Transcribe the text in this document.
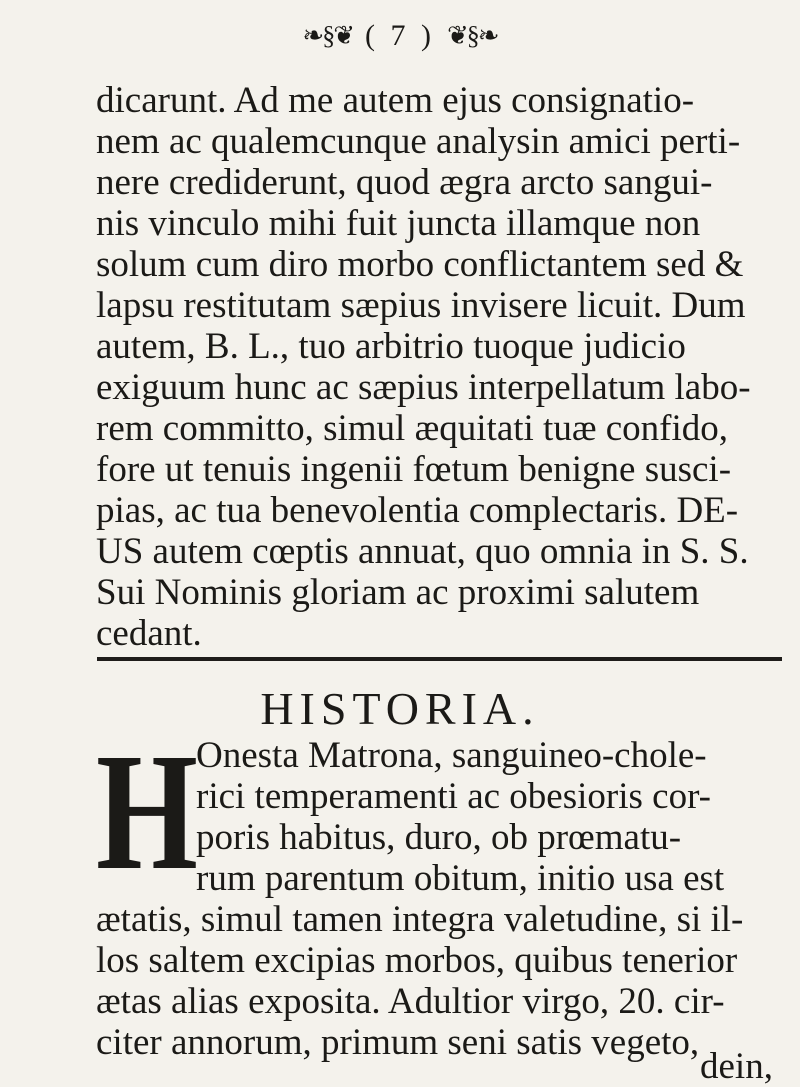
❧§❦ ( 7 ) ❦§❧
dicarunt. Ad me autem ejus consignatio-
nem ac qualemcunque analysin amici perti-
nere crediderunt, quod ægra arcto sangui-
nis vinculo mihi fuit juncta illamque non
solum cum diro morbo conflictantem sed &
lapsu restitutam sæpius invisere licuit. Dum
autem, B. L., tuo arbitrio tuoque judicio
exiguum hunc ac sæpius interpellatum labo-
rem committo, simul æquitati tuæ confido,
fore ut tenuis ingenii fœtum benigne susci-
pias, ac tua benevolentia complectaris. DE-
US autem cœptis annuat, quo omnia in S. S.
Sui Nominis gloriam ac proximi salutem
cedant.
HISTORIA.
H
Onesta Matrona, sanguineo-chole-
rici temperamenti ac obesioris cor-
poris habitus, duro, ob prœmatu-
rum parentum obitum, initio usa est
ætatis, simul tamen integra valetudine, si il-
los saltem excipias morbos, quibus tenerior
ætas alias exposita. Adultior virgo, 20. cir-
citer annorum, primum seni satis vegeto,
dein,
